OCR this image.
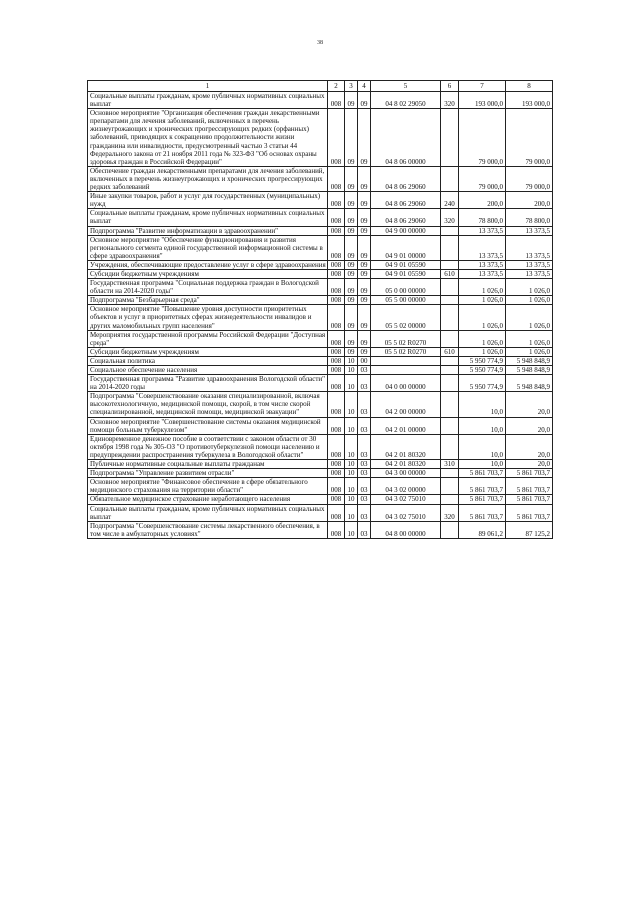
38
1	2	3	4	5	6	7	8
Социальные выплаты гражданам, кроме публичных нормативных социальных выплат	008	09	09	04 8 02 29050	320	193 000,0	193 000,0
Основное мероприятие "Организация обеспечения граждан лекарственными препаратами для лечения заболеваний, включенных в перечень жизнеугрожающих и хронических прогрессирующих редких (орфанных) заболеваний, приводящих к сокращению продолжительности жизни гражданина или инвалидности, предусмотренный частью 3 статьи 44 Федерального закона от 21 ноября 2011 года № 323-ФЗ "Об основах охраны здоровья граждан в Российской Федерации"	008	09	09	04 8 06 00000		79 000,0	79 000,0
Обеспечение граждан лекарственными препаратами для лечения заболеваний, включенных в перечень жизнеугрожающих и хронических прогрессирующих редких заболеваний	008	09	09	04 8 06 29060		79 000,0	79 000,0
Иные закупки товаров, работ и услуг для государственных (муниципальных) нужд	008	09	09	04 8 06 29060	240	200,0	200,0
Социальные выплаты гражданам, кроме публичных нормативных социальных выплат	008	09	09	04 8 06 29060	320	78 800,0	78 800,0
Подпрограмма "Развитие информатизации в здравоохранении"	008	09	09	04 9 00 00000		13 373,5	13 373,5
Основное мероприятие "Обеспечение функционирования и развития регионального сегмента единой государственной информационной системы в сфере здравоохранения"	008	09	09	04 9 01 00000		13 373,5	13 373,5
Учреждения, обеспечивающие предоставление услуг в сфере здравоохранения	008	09	09	04 9 01 05590		13 373,5	13 373,5
Субсидии бюджетным учреждениям	008	09	09	04 9 01 05590	610	13 373,5	13 373,5
Государственная программа "Социальная поддержка граждан в Вологодской области на 2014-2020 годы"	008	09	09	05 0 00 00000		1 026,0	1 026,0
Подпрограмма "Безбарьерная среда"	008	09	09	05 5 00 00000		1 026,0	1 026,0
Основное мероприятие "Повышение уровня доступности приоритетных объектов и услуг в приоритетных сферах жизнедеятельности инвалидов и других маломобильных групп населения"	008	09	09	05 5 02 00000		1 026,0	1 026,0
Мероприятия государственной программы Российской Федерации "Доступная среда"	008	09	09	05 5 02 R0270		1 026,0	1 026,0
Субсидии бюджетным учреждениям	008	09	09	05 5 02 R0270	610	1 026,0	1 026,0
Социальная политика	008	10	00			5 950 774,9	5 948 848,9
Социальное обеспечение населения	008	10	03			5 950 774,9	5 948 848,9
Государственная программа "Развитие здравоохранения Вологодской области" на 2014-2020 годы	008	10	03	04 0 00 00000		5 950 774,9	5 948 848,9
Подпрограмма "Совершенствование оказания специализированной, включая высокотехнологичную, медицинской помощи, скорой, в том числе скорой специализированной, медицинской помощи, медицинской эвакуации"	008	10	03	04 2 00 00000		10,0	20,0
Основное мероприятие "Совершенствование системы оказания медицинской помощи больным туберкулезом"	008	10	03	04 2 01 00000		10,0	20,0
Единовременное денежное пособие в соответствии с законом области от 30 октября 1998 года № 305-ОЗ "О противотуберкулезной помощи населению и предупреждении распространения туберкулеза в Вологодской области"	008	10	03	04 2 01 80320		10,0	20,0
Публичные нормативные социальные выплаты гражданам	008	10	03	04 2 01 80320	310	10,0	20,0
Подпрограмма "Управление развитием отрасли"	008	10	03	04 3 00 00000		5 861 703,7	5 861 703,7
Основное мероприятие "Финансовое обеспечение в сфере обязательного медицинского страхования на территории области"	008	10	03	04 3 02 00000		5 861 703,7	5 861 703,7
Обязательное медицинское страхование неработающего населения	008	10	03	04 3 02 75010		5 861 703,7	5 861 703,7
Социальные выплаты гражданам, кроме публичных нормативных социальных выплат	008	10	03	04 3 02 75010	320	5 861 703,7	5 861 703,7
Подпрограмма "Совершенствование системы лекарственного обеспечения, в том числе в амбулаторных условиях"	008	10	03	04 8 00 00000		89 061,2	87 125,2
